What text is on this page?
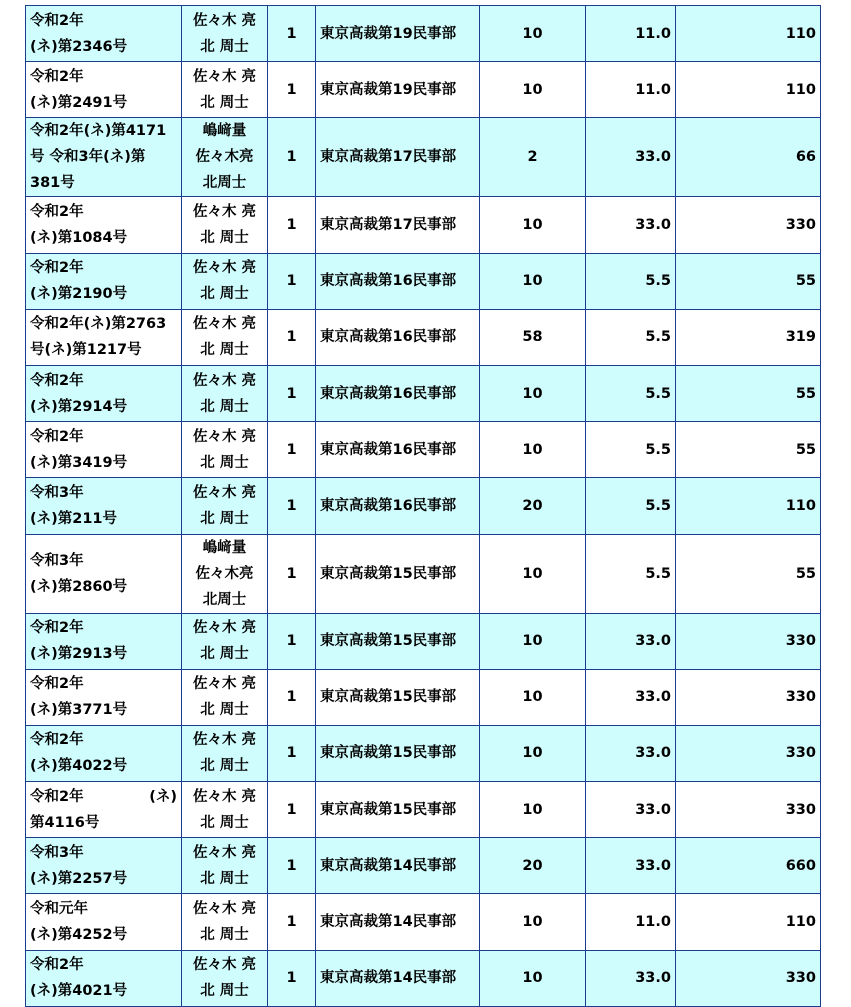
令和2年
(ネ)第2346号	佐々木 亮
北 周士	1	東京高裁第19民事部	10	11.0	110

令和2年
(ネ)第2491号	佐々木 亮
北 周士	1	東京高裁第19民事部	10	11.0	110

令和2年(ネ)第4171
号 令和3年(ネ)第
381号	嶋﨑量
佐々木亮
北周士	1	東京高裁第17民事部	2	33.0	66

令和2年
(ネ)第1084号	佐々木 亮
北 周士	1	東京高裁第17民事部	10	33.0	330

令和2年
(ネ)第2190号	佐々木 亮
北 周士	1	東京高裁第16民事部	10	5.5	55

令和2年(ネ)第2763
号(ネ)第1217号	佐々木 亮
北 周士	1	東京高裁第16民事部	58	5.5	319

令和2年
(ネ)第2914号	佐々木 亮
北 周士	1	東京高裁第16民事部	10	5.5	55

令和2年
(ネ)第3419号	佐々木 亮
北 周士	1	東京高裁第16民事部	10	5.5	55

令和3年
(ネ)第211号	佐々木 亮
北 周士	1	東京高裁第16民事部	20	5.5	110

令和3年
(ネ)第2860号	嶋﨑量
佐々木亮
北周士	1	東京高裁第15民事部	10	5.5	55

令和2年
(ネ)第2913号	佐々木 亮
北 周士	1	東京高裁第15民事部	10	33.0	330

令和2年
(ネ)第3771号	佐々木 亮
北 周士	1	東京高裁第15民事部	10	33.0	330

令和2年
(ネ)第4022号	佐々木 亮
北 周士	1	東京高裁第15民事部	10	33.0	330

令和2年 (ネ)
第4116号	佐々木 亮
北 周士	1	東京高裁第15民事部	10	33.0	330

令和3年
(ネ)第2257号	佐々木 亮
北 周士	1	東京高裁第14民事部	20	33.0	660

令和元年
(ネ)第4252号	佐々木 亮
北 周士	1	東京高裁第14民事部	10	11.0	110

令和2年
(ネ)第4021号	佐々木 亮
北 周士	1	東京高裁第14民事部	10	33.0	330
